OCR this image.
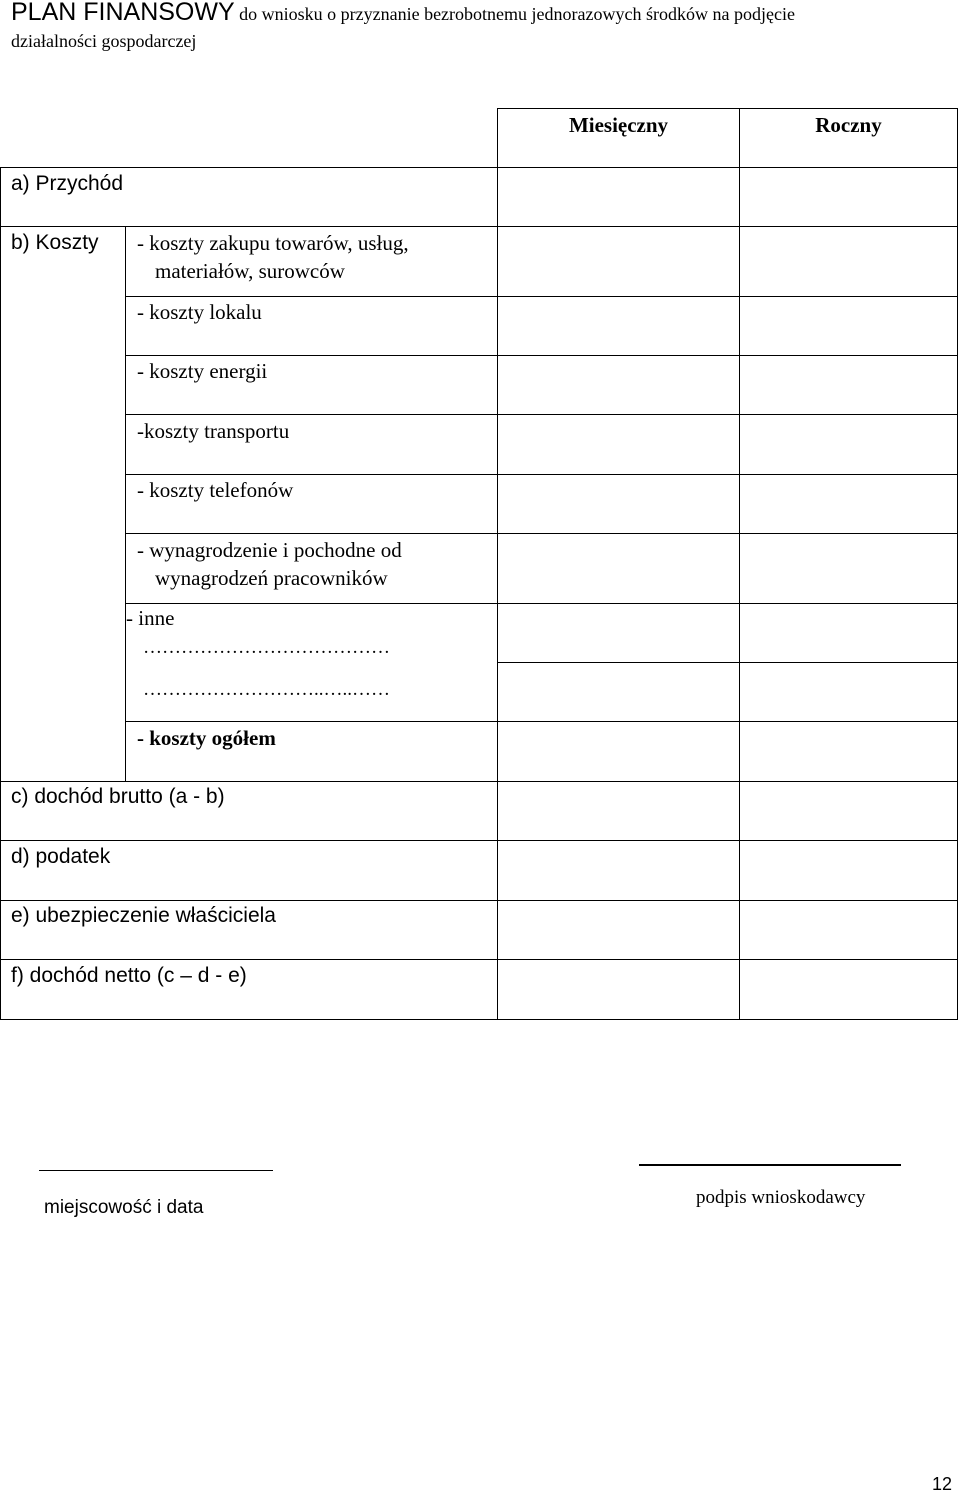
PLAN FINANSOWY do wniosku o przyznanie bezrobotnemu jednorazowych środków na podjęcie
działalności gospodarczej
Miesięczny	Roczny
a) Przychód
b) Koszty - koszty zakupu towarów, usług,
materiałów, surowców
- koszty lokalu
- koszty energii
-koszty transportu
- koszty telefonów
- wynagrodzenie i pochodne od
wynagrodzeń pracowników
- inne
…………………………………
………………………..…..……
- koszty ogółem
c) dochód brutto (a - b)
d) podatek
e) ubezpieczenie właściciela
f) dochód netto (c – d - e)
miejscowość i data	podpis wnioskodawcy
12
